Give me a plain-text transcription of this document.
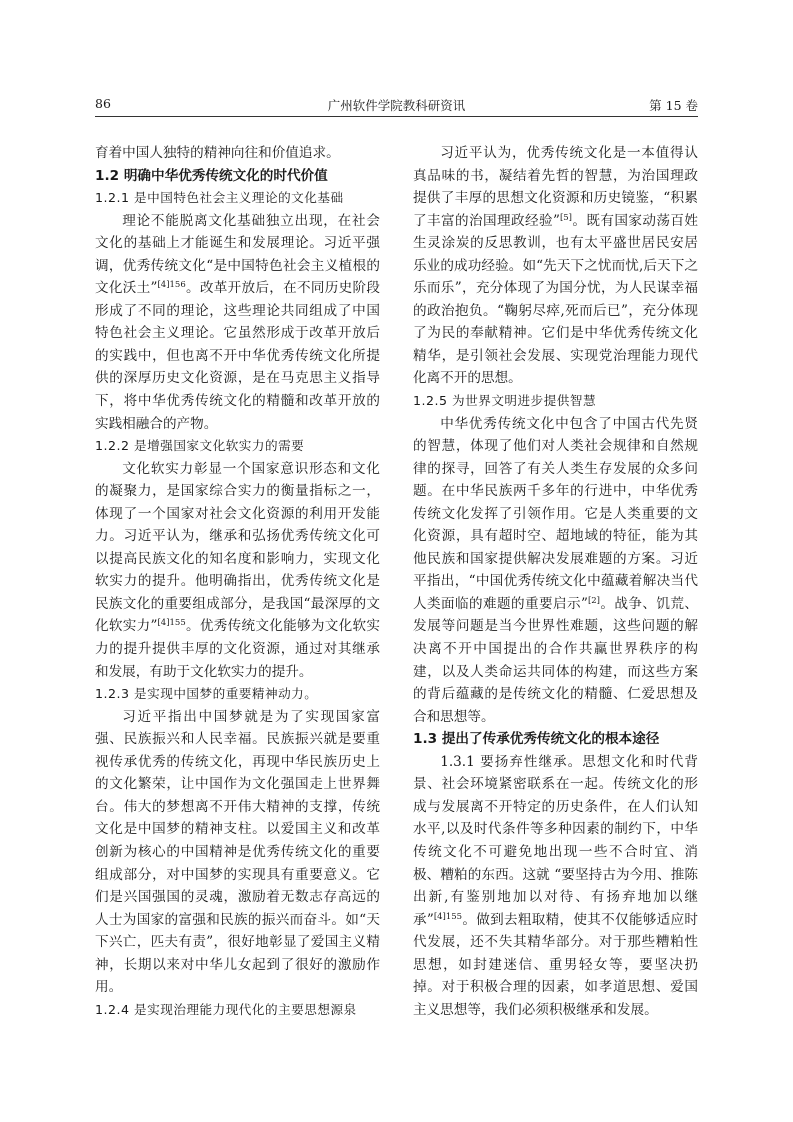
86	广州软件学院教科研资讯	第 15 卷

育着中国人独特的精神向往和价值追求。

1.2 明确中华优秀传统文化的时代价值

1.2.1 是中国特色社会主义理论的文化基础

理论不能脱离文化基础独立出现，在社会文化的基础上才能诞生和发展理论。习近平强调，优秀传统文化“是中国特色社会主义植根的文化沃土”$^{[4]156}$。改革开放后，在不同历史阶段形成了不同的理论，这些理论共同组成了中国特色社会主义理论。它虽然形成于改革开放后的实践中，但也离不开中华优秀传统文化所提供的深厚历史文化资源，是在马克思主义指导下，将中华优秀传统文化的精髓和改革开放的实践相融合的产物。

1.2.2 是增强国家文化软实力的需要

文化软实力彰显一个国家意识形态和文化的凝聚力，是国家综合实力的衡量指标之一，体现了一个国家对社会文化资源的利用开发能力。习近平认为，继承和弘扬优秀传统文化可以提高民族文化的知名度和影响力，实现文化软实力的提升。他明确指出，优秀传统文化是民族文化的重要组成部分，是我国“最深厚的文化软实力”$^{[4]155}$。优秀传统文化能够为文化软实力的提升提供丰厚的文化资源，通过对其继承和发展，有助于文化软实力的提升。

1.2.3 是实现中国梦的重要精神动力。

习近平指出中国梦就是为了实现国家富强、民族振兴和人民幸福。民族振兴就是要重视传承优秀的传统文化，再现中华民族历史上的文化繁荣，让中国作为文化强国走上世界舞台。伟大的梦想离不开伟大精神的支撑，传统文化是中国梦的精神支柱。以爱国主义和改革创新为核心的中国精神是优秀传统文化的重要组成部分，对中国梦的实现具有重要意义。它们是兴国强国的灵魂，激励着无数志存高远的人士为国家的富强和民族的振兴而奋斗。如“天下兴亡，匹夫有责”，很好地彰显了爱国主义精神，长期以来对中华儿女起到了很好的激励作用。

1.2.4 是实现治理能力现代化的主要思想源泉

习近平认为，优秀传统文化是一本值得认真品味的书，凝结着先哲的智慧，为治国理政提供了丰厚的思想文化资源和历史镜鉴，“积累了丰富的治国理政经验”[5]。既有国家动荡百姓生灵涂炭的反思教训，也有太平盛世居民安居乐业的成功经验。如“先天下之忧而忧,后天下之乐而乐”，充分体现了为国分忧，为人民谋幸福的政治抱负。“鞠躬尽瘁,死而后已”，充分体现了为民的奉献精神。它们是中华优秀传统文化精华，是引领社会发展、实现党治理能力现代化离不开的思想。

1.2.5 为世界文明进步提供智慧

中华优秀传统文化中包含了中国古代先贤的智慧，体现了他们对人类社会规律和自然规律的探寻，回答了有关人类生存发展的众多问题。在中华民族两千多年的行进中，中华优秀传统文化发挥了引领作用。它是人类重要的文化资源，具有超时空、超地域的特征，能为其他民族和国家提供解决发展难题的方案。习近平指出，“中国优秀传统文化中蕴藏着解决当代人类面临的难题的重要启示”[2]。战争、饥荒、发展等问题是当今世界性难题，这些问题的解决离不开中国提出的合作共赢世界秩序的构建，以及人类命运共同体的构建，而这些方案的背后蕴藏的是传统文化的精髓、仁爱思想及合和思想等。

1.3 提出了传承优秀传统文化的根本途径

1.3.1 要扬弃性继承。思想文化和时代背景、社会环境紧密联系在一起。传统文化的形成与发展离不开特定的历史条件，在人们认知水平,以及时代条件等多种因素的制约下，中华传统文化不可避免地出现一些不合时宜、消极、糟粕的东西。这就 “要坚持古为今用、推陈出新,有鉴别地加以对待、有扬弃地加以继承”$^{[4]155}$。做到去粗取精，使其不仅能够适应时代发展，还不失其精华部分。对于那些糟粕性思想，如封建迷信、重男轻女等，要坚决扔掉。对于积极合理的因素，如孝道思想、爱国主义思想等，我们必须积极继承和发展。
